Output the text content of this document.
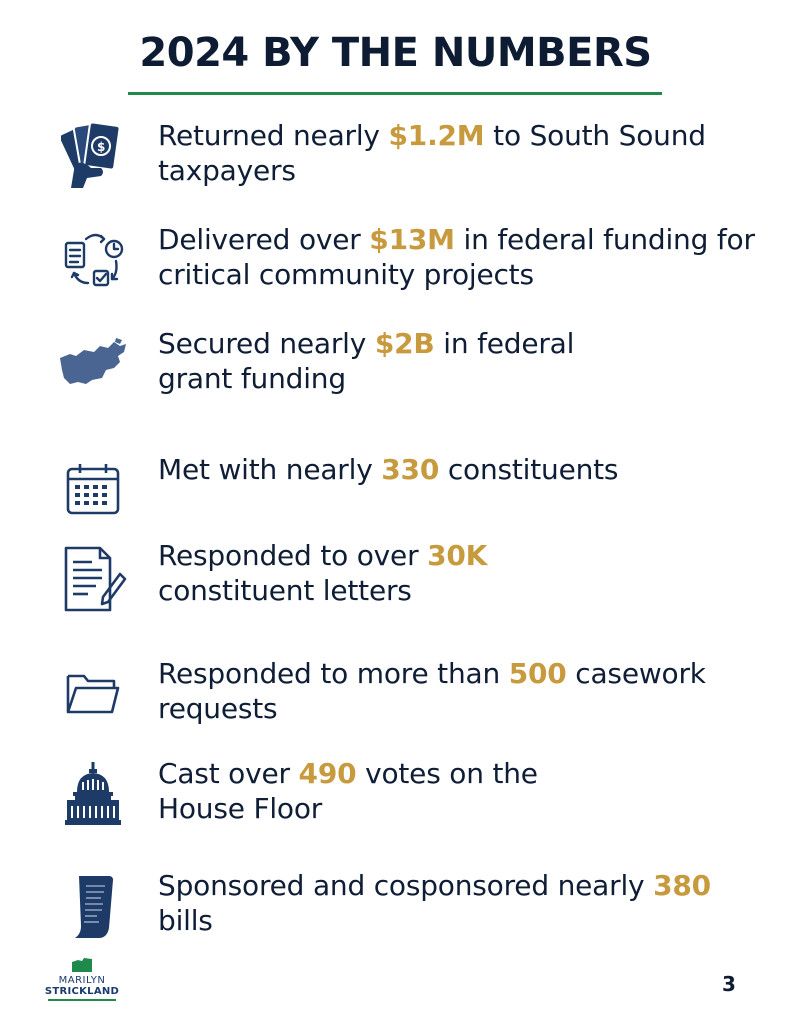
2024 BY THE NUMBERS
$ Returned nearly $1.2M to South Sound taxpayers
Delivered over $13M in federal funding for critical community projects
Secured nearly $2B in federal grant funding
Met with nearly 330 constituents
Responded to over 30K constituent letters
Responded to more than 500 casework requests
Cast over 490 votes on the House Floor
Sponsored and cosponsored nearly 380 bills
MARILYN
STRICKLAND	3
